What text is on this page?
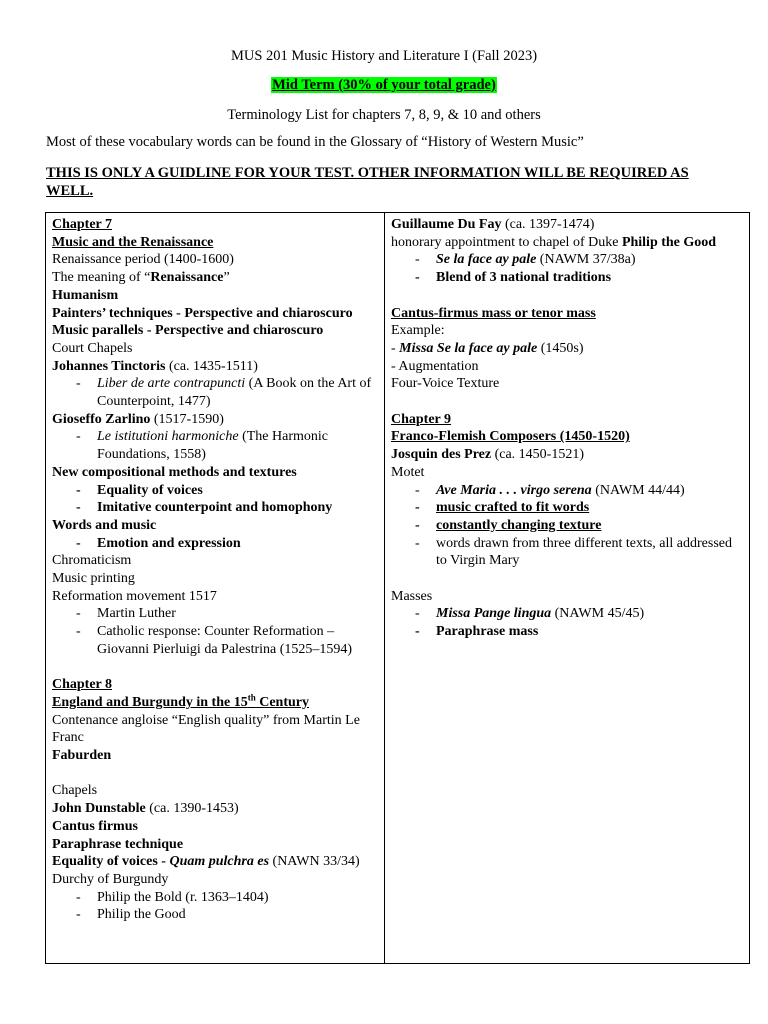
MUS 201 Music History and Literature I (Fall 2023)
Mid Term (30% of your total grade)
Terminology List for chapters 7, 8, 9, & 10 and others
Most of these vocabulary words can be found in the Glossary of “History of Western Music”
THIS IS ONLY A GUIDLINE FOR YOUR TEST. OTHER INFORMATION WILL BE REQUIRED AS WELL.
Chapter 7
Music and the Renaissance
Renaissance period (1400-1600)
The meaning of “Renaissance”
Humanism
Painters’ techniques - Perspective and chiaroscuro
Music parallels - Perspective and chiaroscuro
Court Chapels
Johannes Tinctoris (ca. 1435-1511)
- Liber de arte contrapuncti (A Book on the Art of Counterpoint, 1477)
Gioseffo Zarlino (1517-1590)
- Le istitutioni harmoniche (The Harmonic Foundations, 1558)
New compositional methods and textures
- Equality of voices
- Imitative counterpoint and homophony
Words and music
- Emotion and expression
Chromaticism
Music printing
Reformation movement 1517
- Martin Luther
- Catholic response: Counter Reformation – Giovanni Pierluigi da Palestrina (1525–1594)
Chapter 8
England and Burgundy in the 15th Century
Contenance angloise “English quality” from Martin Le Franc
Faburden
Chapels
John Dunstable (ca. 1390-1453)
Cantus firmus
Paraphrase technique
Equality of voices - Quam pulchra es (NAWN 33/34)
Durchy of Burgundy
- Philip the Bold (r. 1363–1404)
- Philip the Good
Guillaume Du Fay (ca. 1397-1474)
honorary appointment to chapel of Duke Philip the Good
- Se la face ay pale (NAWM 37/38a)
- Blend of 3 national traditions
Cantus-firmus mass or tenor mass
Example:
- Missa Se la face ay pale (1450s)
- Augmentation
Four-Voice Texture
Chapter 9
Franco-Flemish Composers (1450-1520)
Josquin des Prez (ca. 1450-1521)
Motet
- Ave Maria . . . virgo serena (NAWM 44/44)
- music crafted to fit words
- constantly changing texture
- words drawn from three different texts, all addressed to Virgin Mary
Masses
- Missa Pange lingua (NAWM 45/45)
- Paraphrase mass
